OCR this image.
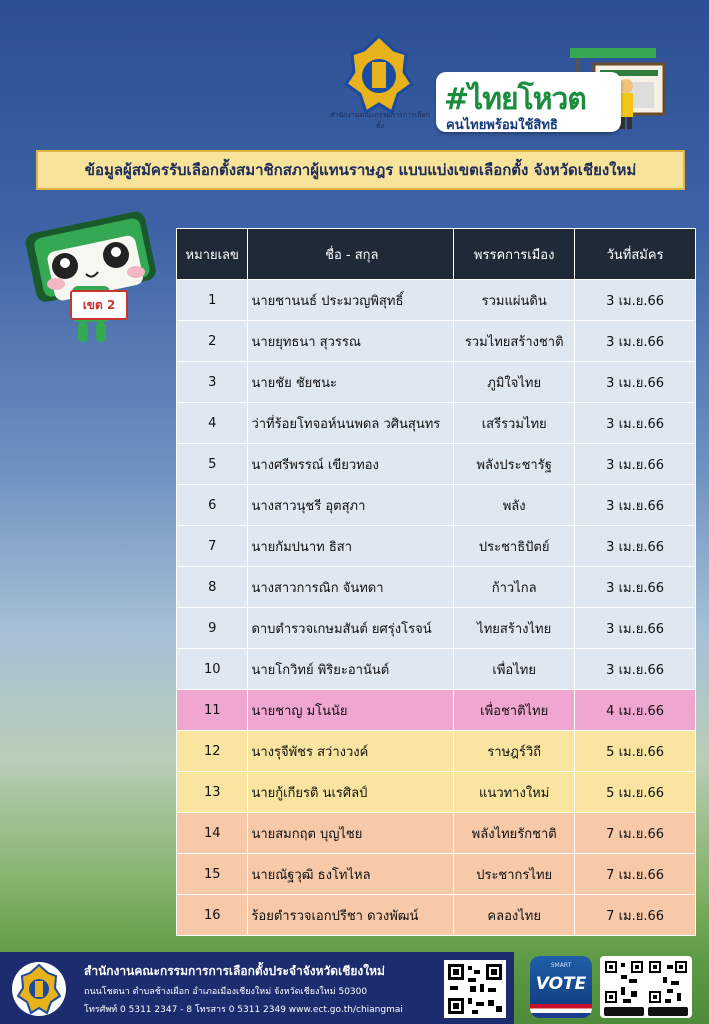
สำนักงานคณะกรรมการการเลือกตั้ง
#ไทยโหวต
คนไทยพร้อมใช้สิทธิ
ข้อมูลผู้สมัครรับเลือกตั้งสมาชิกสภาผู้แทนราษฎร แบบแบ่งเขตเลือกตั้ง จังหวัดเชียงใหม่
เขต 2
หมายเลข	ชื่อ - สกุล	พรรคการเมือง	วันที่สมัคร
1	นายชานนธ์ ประมวญพิสุทธิ์	รวมแผ่นดิน	3 เม.ย.66
2	นายยุทธนา สุวรรณ	รวมไทยสร้างชาติ	3 เม.ย.66
3	นายชัย ชัยชนะ	ภูมิใจไทย	3 เม.ย.66
4	ว่าที่ร้อยโทจอห์นนพดล วศินสุนทร	เสรีรวมไทย	3 เม.ย.66
5	นางศรีพรรณ์ เขียวทอง	พลังประชารัฐ	3 เม.ย.66
6	นางสาวนุชรี อุตสุภา	พลัง	3 เม.ย.66
7	นายกัมปนาท ธิสา	ประชาธิปัตย์	3 เม.ย.66
8	นางสาวการณิก จันทดา	ก้าวไกล	3 เม.ย.66
9	ดาบตำรวจเกษมสันต์ ยศรุ่งโรจน์	ไทยสร้างไทย	3 เม.ย.66
10	นายโกวิทย์ พิริยะอานันต์	เพื่อไทย	3 เม.ย.66
11	นายชาญ มโนนัย	เพื่อชาติไทย	4 เม.ย.66
12	นางรุจีพัชร สว่างวงค์	ราษฎร์วิถี	5 เม.ย.66
13	นายกู้เกียรติ นเรศิลป์	แนวทางใหม่	5 เม.ย.66
14	นายสมกฤต บุญไชย	พลังไทยรักชาติ	7 เม.ย.66
15	นายณัฐวุฒิ ธงโทไหล	ประชากรไทย	7 เม.ย.66
16	ร้อยตำรวจเอกปรีชา ดวงพัฒน์	คลองไทย	7 เม.ย.66
สำนักงานคณะกรรมการการเลือกตั้งประจำจังหวัดเชียงใหม่
ถนนโชตนา ตำบลช้างเผือก อำเภอเมืองเชียงใหม่ จังหวัดเชียงใหม่ 50300
โทรศัพท์ 0 5311 2347 - 8 โทรสาร 0 5311 2349 www.ect.go.th/chiangmai
SMART
VOTE
